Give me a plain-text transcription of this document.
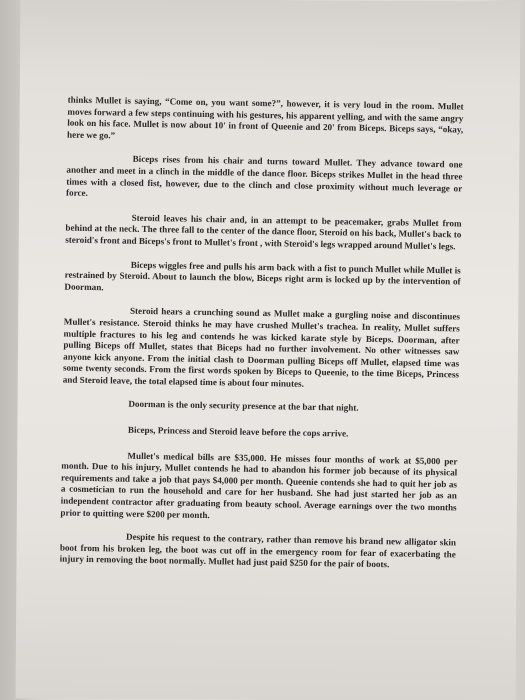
thinks Mullet is saying, “Come on, you want some?”, however, it is very loud in the room. Mullet moves forward a few steps continuing with his gestures, his apparent yelling, and with the same angry look on his face. Mullet is now about 10' in front of Queenie and 20' from Biceps. Biceps says, “okay, here we go.”

Biceps rises from his chair and turns toward Mullet. They advance toward one another and meet in a clinch in the middle of the dance floor. Biceps strikes Mullet in the head three times with a closed fist, however, due to the clinch and close proximity without much leverage or force.

Steroid leaves his chair and, in an attempt to be peacemaker, grabs Mullet from behind at the neck. The three fall to the center of the dance floor, Steroid on his back, Mullet's back to steroid's front and Biceps's front to Mullet's front , with Steroid's legs wrapped around Mullet's legs.

Biceps wiggles free and pulls his arm back with a fist to punch Mullet while Mullet is restrained by Steroid. About to launch the blow, Biceps right arm is locked up by the intervention of Doorman.

Steroid hears a crunching sound as Mullet make a gurgling noise and discontinues Mullet's resistance. Steroid thinks he may have crushed Mullet's trachea. In reality, Mullet suffers multiple fractures to his leg and contends he was kicked karate style by Biceps. Doorman, after pulling Biceps off Mullet, states that Biceps had no further involvement. No other witnesses saw anyone kick anyone. From the initial clash to Doorman pulling Biceps off Mullet, elapsed time was some twenty seconds. From the first words spoken by Biceps to Queenie, to the time Biceps, Princess and Steroid leave, the total elapsed time is about four minutes.

Doorman is the only security presence at the bar that night.

Biceps, Princess and Steroid leave before the cops arrive.

Mullet's medical bills are $35,000. He misses four months of work at $5,000 per month. Due to his injury, Mullet contends he had to abandon his former job because of its physical requirements and take a job that pays $4,000 per month. Queenie contends she had to quit her job as a cosmetician to run the household and care for her husband. She had just started her job as an independent contractor after graduating from beauty school. Average earnings over the two months prior to quitting were $200 per month.

Despite his request to the contrary, rather than remove his brand new alligator skin boot from his broken leg, the boot was cut off in the emergency room for fear of exacerbating the injury in removing the boot normally. Mullet had just paid $250 for the pair of boots.
